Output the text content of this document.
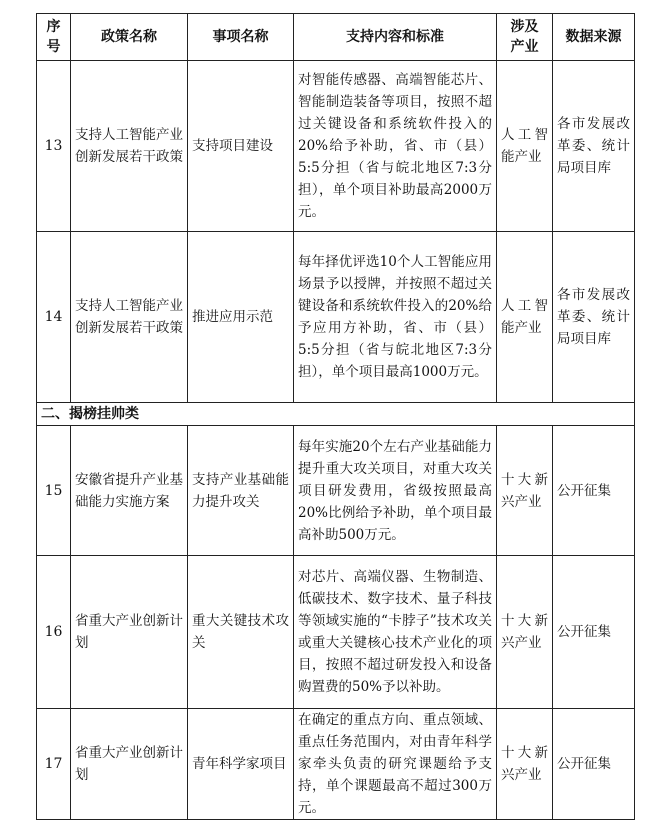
序号	政策名称	事项名称	支持内容和标准	涉及产业	数据来源
13	支持人工智能产业创新发展若干政策	支持项目建设	对智能传感器、高端智能芯片、智能制造装备等项目，按照不超过关键设备和系统软件投入的20%给予补助，省、市（县）5:5分担（省与皖北地区7:3分担），单个项目补助最高2000万元。	人工智能产业	各市发展改革委、统计局项目库
14	支持人工智能产业创新发展若干政策	推进应用示范	每年择优评选10个人工智能应用场景予以授牌，并按照不超过关键设备和系统软件投入的20%给予应用方补助，省、市（县）5:5分担（省与皖北地区7:3分担），单个项目最高1000万元。	人工智能产业	各市发展改革委、统计局项目库
二、揭榜挂帅类					
15	安徽省提升产业基础能力实施方案	支持产业基础能力提升攻关	每年实施20个左右产业基础能力提升重大攻关项目，对重大攻关项目研发费用，省级按照最高20%比例给予补助，单个项目最高补助500万元。	十大新兴产业	公开征集
16	省重大产业创新计划	重大关键技术攻关	对芯片、高端仪器、生物制造、低碳技术、数字技术、量子科技等领域实施的“卡脖子”技术攻关或重大关键核心技术产业化的项目，按照不超过研发投入和设备购置费的50%予以补助。	十大新兴产业	公开征集
17	省重大产业创新计划	青年科学家项目	在确定的重点方向、重点领域、重点任务范围内，对由青年科学家牵头负责的研究课题给予支持，单个课题最高不超过300万元。	十大新兴产业	公开征集
